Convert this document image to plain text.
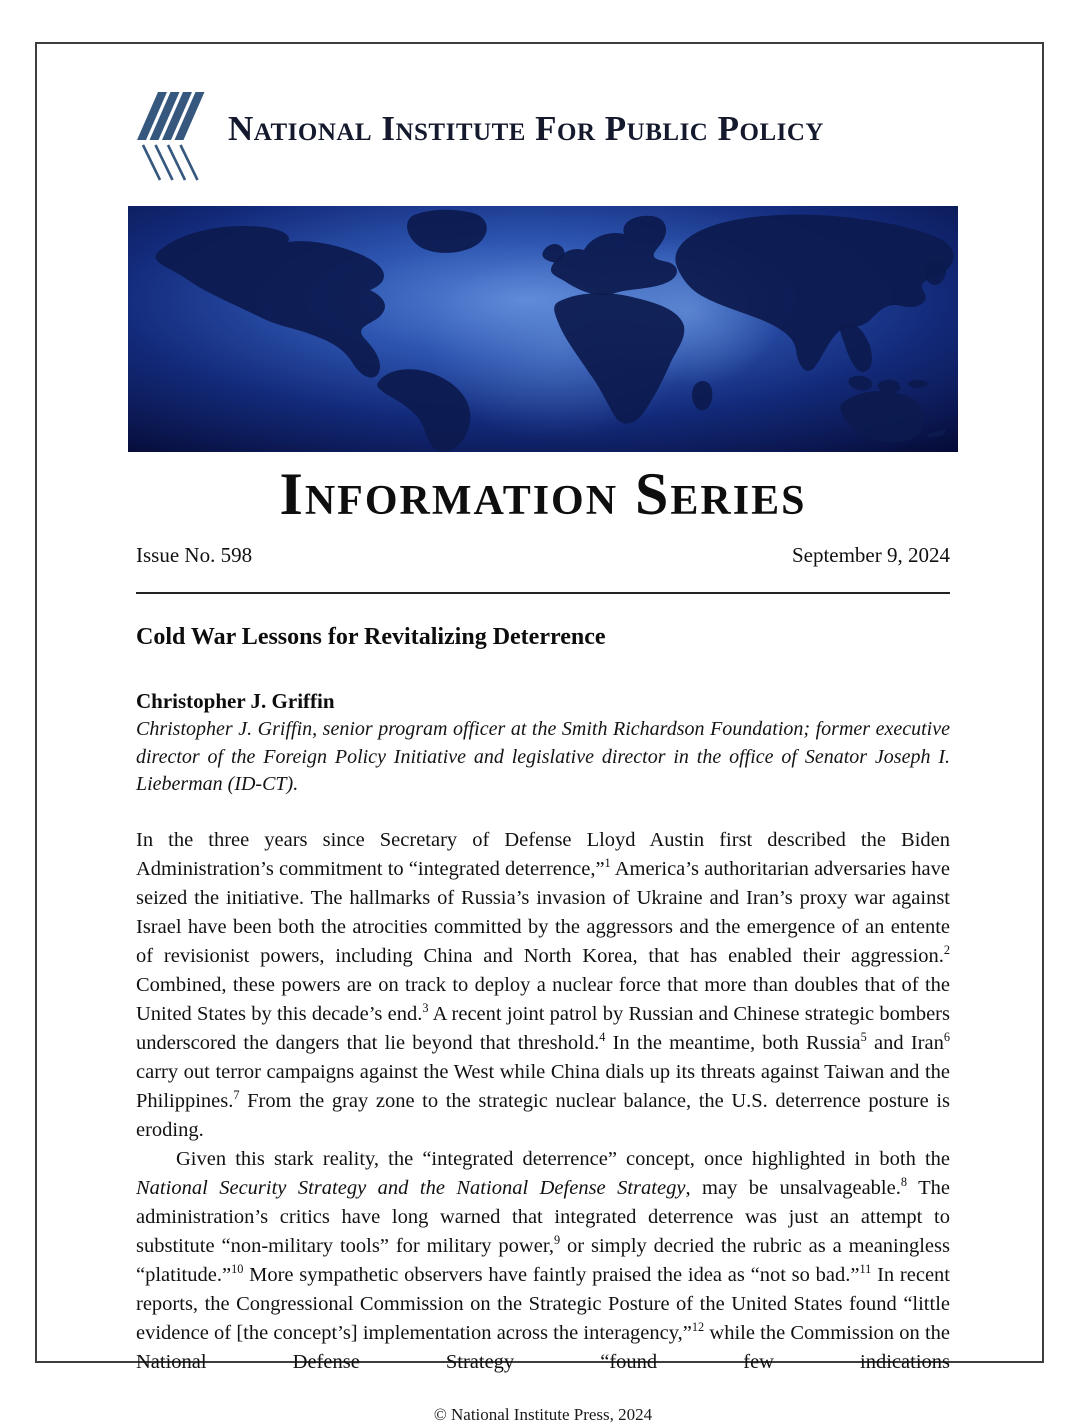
National Institute For Public Policy
Information Series
Issue No. 598	September 9, 2024
Cold War Lessons for Revitalizing Deterrence
Christopher J. Griffin
Christopher J. Griffin, senior program officer at the Smith Richardson Foundation; former executive director of the Foreign Policy Initiative and legislative director in the office of Senator Joseph I. Lieberman (ID-CT).

In the three years since Secretary of Defense Lloyd Austin first described the Biden Administration’s commitment to “integrated deterrence,”$^1$ America’s authoritarian adversaries have seized the initiative. The hallmarks of Russia’s invasion of Ukraine and Iran’s proxy war against Israel have been both the atrocities committed by the aggressors and the emergence of an entente of revisionist powers, including China and North Korea, that has enabled their aggression.$^2$ Combined, these powers are on track to deploy a nuclear force that more than doubles that of the United States by this decade’s end.$^3$ A recent joint patrol by Russian and Chinese strategic bombers underscored the dangers that lie beyond that threshold.$^4$ In the meantime, both Russia$^5$ and Iran$^6$ carry out terror campaigns against the West while China dials up its threats against Taiwan and the Philippines.$^7$ From the gray zone to the strategic nuclear balance, the U.S. deterrence posture is eroding.

Given this stark reality, the “integrated deterrence” concept, once highlighted in both the National Security Strategy and the National Defense Strategy, may be unsalvageable.$^8$ The administration’s critics have long warned that integrated deterrence was just an attempt to substitute “non-military tools” for military power,$^9$ or simply decried the rubric as a meaningless “platitude.”$^{10}$ More sympathetic observers have faintly praised the idea as “not so bad.”$^{11}$ In recent reports, the Congressional Commission on the Strategic Posture of the United States found “little evidence of [the concept’s] implementation across the interagency,”$^{12}$ while the Commission on the National Defense Strategy “found few indications

© National Institute Press, 2024
